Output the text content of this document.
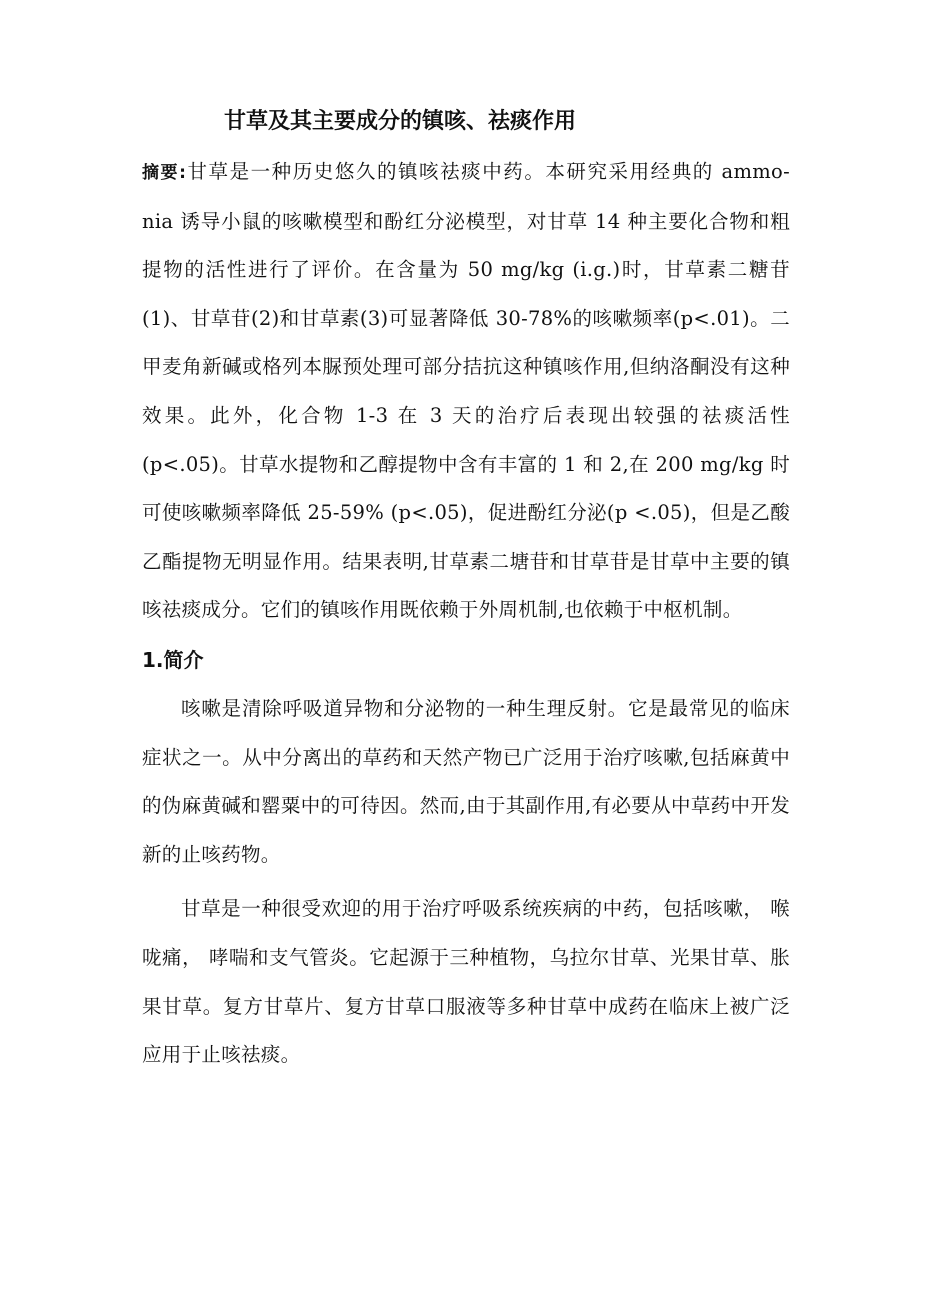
甘草及其主要成分的镇咳、祛痰作用

摘要:甘草是一种历史悠久的镇咳祛痰中药。本研究采用经典的 ammo- nia 诱导小鼠的咳嗽模型和酚红分泌模型，对甘草 14 种主要化合物和粗提物的活性进行了评价。在含量为 50 mg/kg (i.g.)时，甘草素二糖苷(1)、甘草苷(2)和甘草素(3)可显著降低 30-78%的咳嗽频率(p<.01)。二甲麦角新碱或格列本脲预处理可部分拮抗这种镇咳作用,但纳洛酮没有这种效果。此外，化合物 1-3 在 3 天的治疗后表现出较强的祛痰活性(p<.05)。甘草水提物和乙醇提物中含有丰富的 1 和 2,在 200 mg/kg 时可使咳嗽频率降低 25-59% (p<.05)，促进酚红分泌(p <.05)，但是乙酸乙酯提物无明显作用。结果表明,甘草素二塘苷和甘草苷是甘草中主要的镇咳祛痰成分。它们的镇咳作用既依赖于外周机制,也依赖于中枢机制。

1.简介

咳嗽是清除呼吸道异物和分泌物的一种生理反射。它是最常见的临床症状之一。从中分离出的草药和天然产物已广泛用于治疗咳嗽,包括麻黄中的伪麻黄碱和罂粟中的可待因。然而,由于其副作用,有必要从中草药中开发新的止咳药物。

甘草是一种很受欢迎的用于治疗呼吸系统疾病的中药，包括咳嗽， 喉咙痛， 哮喘和支气管炎。它起源于三种植物，乌拉尔甘草、光果甘草、胀果甘草。复方甘草片、复方甘草口服液等多种甘草中成药在临床上被广泛应用于止咳祛痰。
